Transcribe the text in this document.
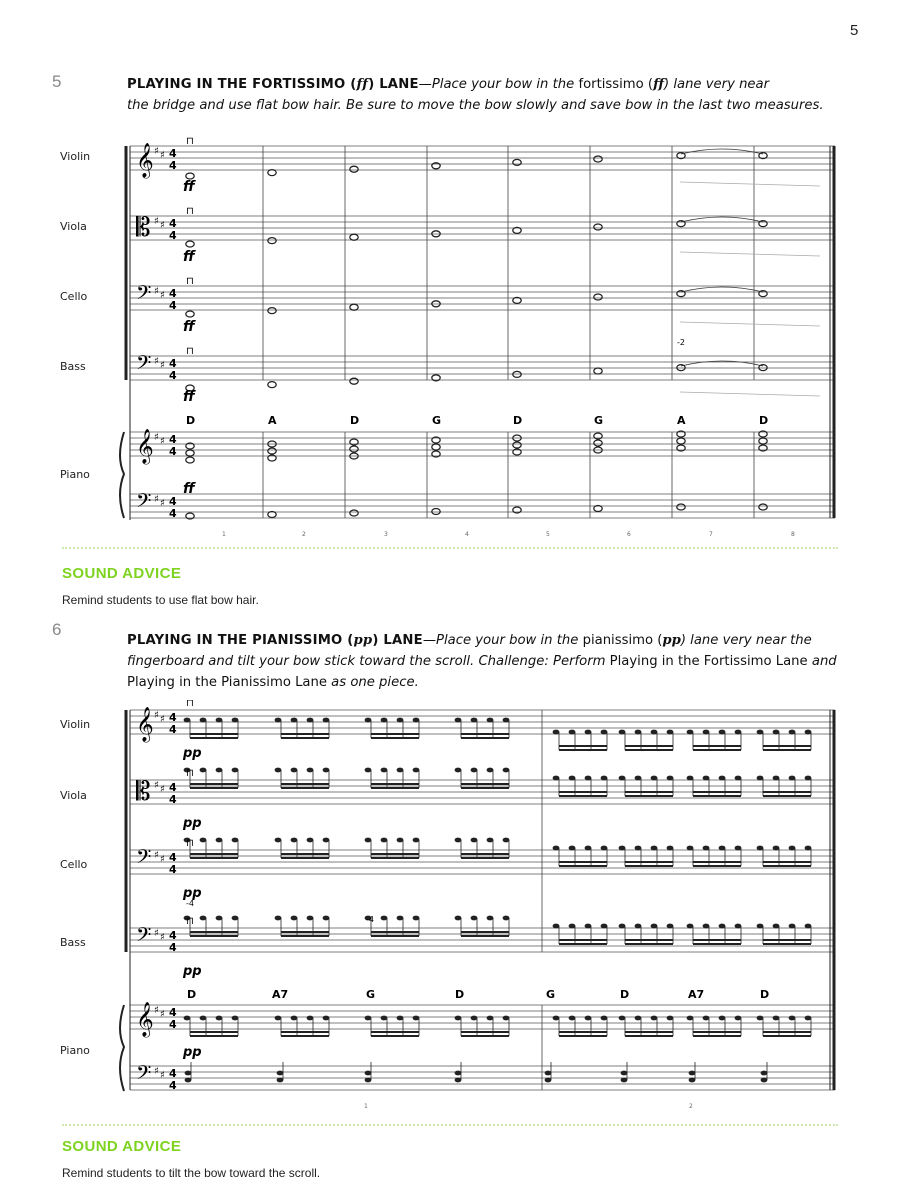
5
5	PLAYING IN THE FORTISSIMO (ff) LANE—Place your bow in the fortissimo (ff) lane very near
the bridge and use flat bow hair. Be sure to move the bow slowly and save bow in the last two measures.
Violin
Viola
Cello
Bass
Piano
𝄞 ♯ ♯ 4
4
𝄡 ♯ ♯ 4
4
𝄢 ♯ ♯ 4
4
𝄢 ♯ ♯ 4
4
𝄞 ♯ ♯ 4
4
𝄢 ♯ ♯ 4
4
ff
⊓
ff
⊓
ff
⊓
ff
⊓
-2
D	A	D	G	D	G	A	D
ff
1	2	3	4	5	6	7	8
SOUND ADVICE
Remind students to use flat bow hair.
6
PLAYING IN THE PIANISSIMO (pp) LANE—Place your bow in the pianissimo (pp) lane very near the
fingerboard and tilt your bow stick toward the scroll. Challenge: Perform Playing in the Fortissimo Lane and
Playing in the Pianissimo Lane as one piece.
Violin
Viola
Cello
Bass
Piano
𝄞 ♯ ♯ 4
4
𝄡 ♯ ♯ 4
4
𝄢 ♯ ♯ 4
4
𝄢 ♯ ♯ 4
4
𝄞 ♯ ♯ 4
4
𝄢 ♯ ♯ 4
4
pp
⊓
pp
⊓
pp
⊓
pp
⊓
-4
-4
D	A7	G	D	G	D	A7	D
pp
1	2
SOUND ADVICE
Remind students to tilt the bow toward the scroll.
